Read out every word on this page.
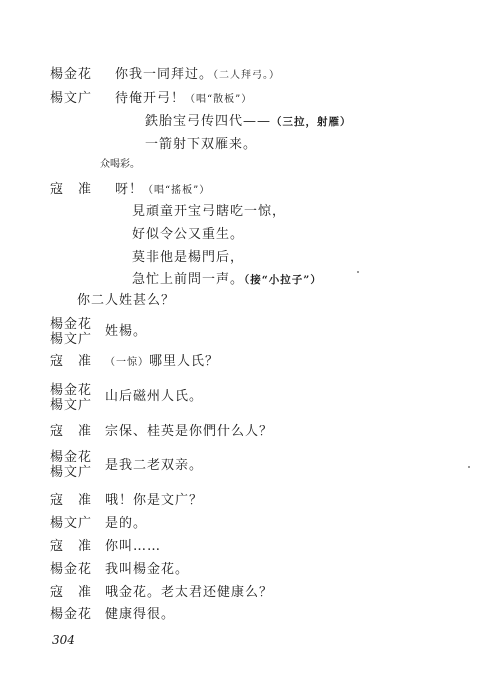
楊金花 你我一同拜过。（二人拜弓。）
楊文广 待俺开弓！（唱“散板”）
鉄胎宝弓传四代——（三拉，射雁）
一箭射下双雁来。
众喝彩。
寇　准 呀！（唱“搖板”）
見頑童开宝弓瞎吃一惊，
好似令公又重生。
莫非他是楊門后，
急忙上前問一声。（接“小拉子”）
你二人姓甚么？
楊金花
楊文广
姓楊。
寇　准 （一惊）哪里人氏？
楊金花
楊文广
山后磁州人氏。
寇　准 宗保、桂英是你們什么人？
楊金花
楊文广 是我二老双亲。
寇　准 哦！你是文广？
楊文广 是的。
寇　准 你叫……
楊金花 我叫楊金花。
寇　准 哦金花。老太君还健康么？
楊金花 健康得很。
304
